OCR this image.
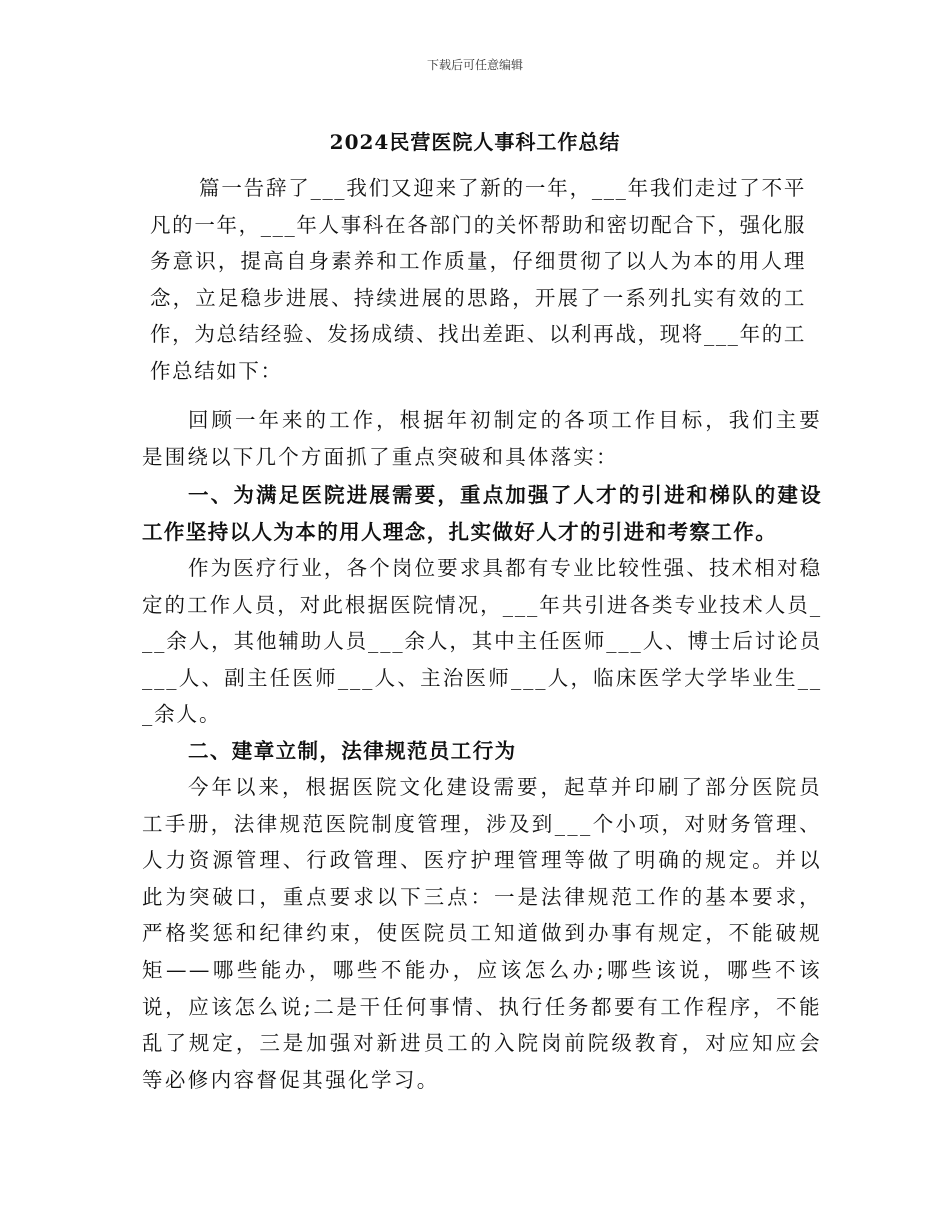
下载后可任意编辑
2024民营医院人事科工作总结
篇一告辞了___我们又迎来了新的一年，___年我们走过了不平凡的一年，___年人事科在各部门的关怀帮助和密切配合下，强化服务意识，提高自身素养和工作质量，仔细贯彻了以人为本的用人理念，立足稳步进展、持续进展的思路，开展了一系列扎实有效的工作，为总结经验、发扬成绩、找出差距、以利再战，现将___年的工作总结如下：
回顾一年来的工作，根据年初制定的各项工作目标，我们主要是围绕以下几个方面抓了重点突破和具体落实：
一、为满足医院进展需要，重点加强了人才的引进和梯队的建设工作坚持以人为本的用人理念，扎实做好人才的引进和考察工作。
作为医疗行业，各个岗位要求具都有专业比较性强、技术相对稳定的工作人员，对此根据医院情况，___年共引进各类专业技术人员___余人，其他辅助人员___余人，其中主任医师___人、博士后讨论员___人、副主任医师___人、主治医师___人，临床医学大学毕业生___余人。
二、建章立制，法律规范员工行为
今年以来，根据医院文化建设需要，起草并印刷了部分医院员工手册，法律规范医院制度管理，涉及到___个小项，对财务管理、人力资源管理、行政管理、医疗护理管理等做了明确的规定。并以此为突破口，重点要求以下三点：一是法律规范工作的基本要求，严格奖惩和纪律约束，使医院员工知道做到办事有规定，不能破规矩——哪些能办，哪些不能办，应该怎么办;哪些该说，哪些不该说，应该怎么说;二是干任何事情、执行任务都要有工作程序，不能乱了规定，三是加强对新进员工的入院岗前院级教育，对应知应会等必修内容督促其强化学习。
